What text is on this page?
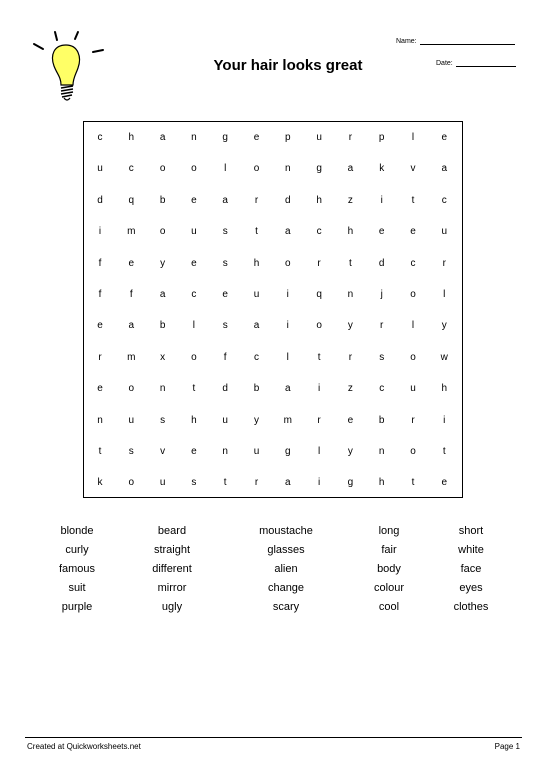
Name:
Date:
Your hair looks great
c	h	a	n	g	e	p	u	r	p	l	e
u	c	o	o	l	o	n	g	a	k	v	a
d	q	b	e	a	r	d	h	z	i	t	c
i	m	o	u	s	t	a	c	h	e	e	u
f	e	y	e	s	h	o	r	t	d	c	r
f	f	a	c	e	u	i	q	n	j	o	l
e	a	b	l	s	a	i	o	y	r	l	y
r	m	x	o	f	c	l	t	r	s	o	w
e	o	n	t	d	b	a	i	z	c	u	h
n	u	s	h	u	y	m	r	e	b	r	i
t	s	v	e	n	u	g	l	y	n	o	t
k	o	u	s	t	r	a	i	g	h	t	e
blonde	beard	moustache	long	short
curly	straight	glasses	fair	white
famous	different	alien	body	face
suit	mirror	change	colour	eyes
purple	ugly	scary	cool	clothes
Created at Quickworksheets.net	Page 1
